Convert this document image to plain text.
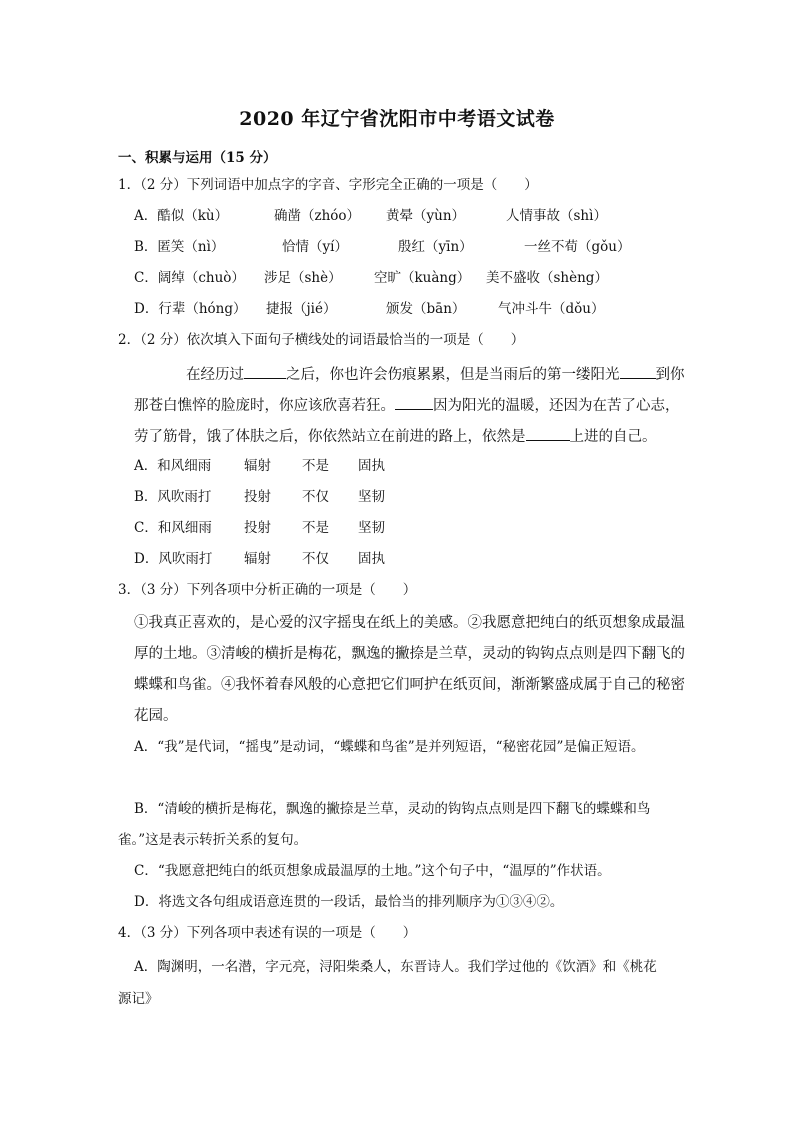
2020 年辽宁省沈阳市中考语文试卷
一、积累与运用（15 分）
1．（2 分）下列词语中加点字的字音、字形完全正确的一项是（　　）
A．酷似（kù）	确凿（zhóo） 黄晕（yùn）	人情事故（shì）
B．匿笑（nì）	恰情（yí）	殷红（yīn）	一丝不荀（gǒu）
C．阔绰（chuò） 涉足（shè） 空旷（kuàng） 美不盛收（shèng）
D．行辈（hóng） 捷报（jié）	颁发（bān） 气冲斗牛（dǒu）
2．（2 分）依次填入下面句子横线处的词语最恰当的一项是（　　）
在经历过	之后，你也许会伤痕累累，但是当雨后的第一缕阳光 到你
那苍白憔悴的脸庞时，你应该欣喜若狂。	因为阳光的温暖，还因为在苦了心志，
劳了筋骨，饿了体肤之后，你依然站立在前进的路上，依然是	上进的自己。
A．和风细雨 辐射 不是 固执
B．风吹雨打 投射 不仅 坚韧
C．和风细雨 投射 不是 坚韧
D．风吹雨打 辐射 不仅 固执
3．（3 分）下列各项中分析正确的一项是（　　）
①我真正喜欢的，是心爱的汉字摇曳在纸上的美感。②我愿意把纯白的纸页想象成最温
厚的土地。③清峻的横折是梅花，飘逸的撇捺是兰草，灵动的钩钩点点则是四下翻飞的
蝶蝶和鸟雀。④我怀着春风般的心意把它们呵护在纸页间，渐渐繁盛成属于自己的秘密
花园。
A．“我”是代词，“摇曳”是动词，“蝶蝶和鸟雀”是并列短语，“秘密花园”是偏正短语。
B．“清峻的横折是梅花，飘逸的撇捺是兰草，灵动的钩钩点点则是四下翻飞的蝶蝶和鸟
雀。”这是表示转折关系的复句。
C．“我愿意把纯白的纸页想象成最温厚的土地。”这个句子中，“温厚的”作状语。
D．将选文各句组成语意连贯的一段话，最恰当的排列顺序为①③④②。
4．（3 分）下列各项中表述有误的一项是（　　）
A．陶渊明，一名潜，字元亮，浔阳柴桑人，东晋诗人。我们学过他的《饮酒》和《桃花
源记》
